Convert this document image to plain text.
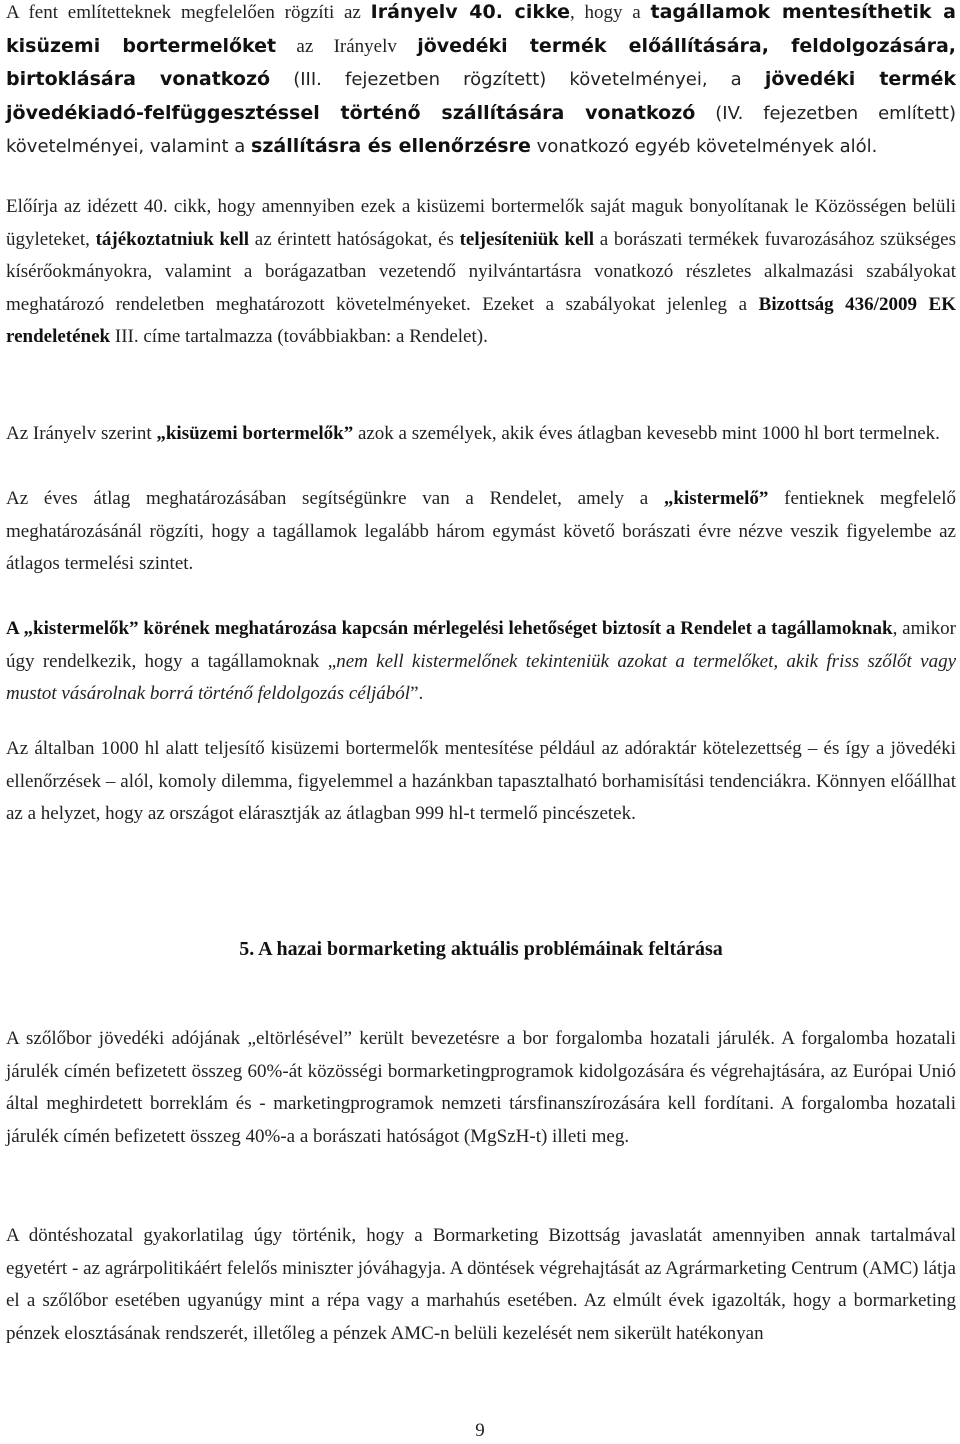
A fent említetteknek megfelelően rögzíti az Irányelv 40. cikke, hogy a tagállamok mentesíthetik a kisüzemi bortermelőket az Irányelv jövedéki termék előállítására, feldolgozására, birtoklására vonatkozó (III. fejezetben rögzített) követelményei, a jövedéki termék jövedékiadó-felfüggesztéssel történő szállítására vonatkozó (IV. fejezetben említett) követelményei, valamint a szállításra és ellenőrzésre vonatkozó egyéb követelmények alól.

Előírja az idézett 40. cikk, hogy amennyiben ezek a kisüzemi bortermelők saját maguk bonyolítanak le Közösségen belüli ügyleteket, tájékoztatniuk kell az érintett hatóságokat, és teljesíteniük kell a borászati termékek fuvarozásához szükséges kísérőokmányokra, valamint a borágazatban vezetendő nyilvántartásra vonatkozó részletes alkalmazási szabályokat meghatározó rendeletben meghatározott követelményeket. Ezeket a szabályokat jelenleg a Bizottság 436/2009 EK rendeletének III. címe tartalmazza (továbbiakban: a Rendelet).

Az Irányelv szerint „kisüzemi bortermelők” azok a személyek, akik éves átlagban kevesebb mint 1000 hl bort termelnek.

Az éves átlag meghatározásában segítségünkre van a Rendelet, amely a „kistermelő” fentieknek megfelelő meghatározásánál rögzíti, hogy a tagállamok legalább három egymást követő borászati évre nézve veszik figyelembe az átlagos termelési szintet.

A „kistermelők” körének meghatározása kapcsán mérlegelési lehetőséget biztosít a Rendelet a tagállamoknak, amikor úgy rendelkezik, hogy a tagállamoknak „nem kell kistermelőnek tekinteniük azokat a termelőket, akik friss szőlőt vagy mustot vásárolnak borrá történő feldolgozás céljából”.

Az általban 1000 hl alatt teljesítő kisüzemi bortermelők mentesítése például az adóraktár kötelezettség – és így a jövedéki ellenőrzések – alól, komoly dilemma, figyelemmel a hazánkban tapasztalható borhamisítási tendenciákra. Könnyen előállhat az a helyzet, hogy az országot elárasztják az átlagban 999 hl-t termelő pincészetek.

5. A hazai bormarketing aktuális problémáinak feltárása

A szőlőbor jövedéki adójának „eltörlésével” került bevezetésre a bor forgalomba hozatali járulék. A forgalomba hozatali járulék címén befizetett összeg 60%-át közösségi bormarketingprogramok kidolgozására és végrehajtására, az Európai Unió által meghirdetett borreklám és - marketingprogramok nemzeti társfinanszírozására kell fordítani. A forgalomba hozatali járulék címén befizetett összeg 40%-a a borászati hatóságot (MgSzH-t) illeti meg.

A döntéshozatal gyakorlatilag úgy történik, hogy a Bormarketing Bizottság javaslatát amennyiben annak tartalmával egyetért - az agrárpolitikáért felelős miniszter jóváhagyja. A döntések végrehajtását az Agrármarketing Centrum (AMC) látja el a szőlőbor esetében ugyanúgy mint a répa vagy a marhahús esetében. Az elmúlt évek igazolták, hogy a bormarketing pénzek elosztásának rendszerét, illetőleg a pénzek AMC-n belüli kezelését nem sikerült hatékonyan

9
